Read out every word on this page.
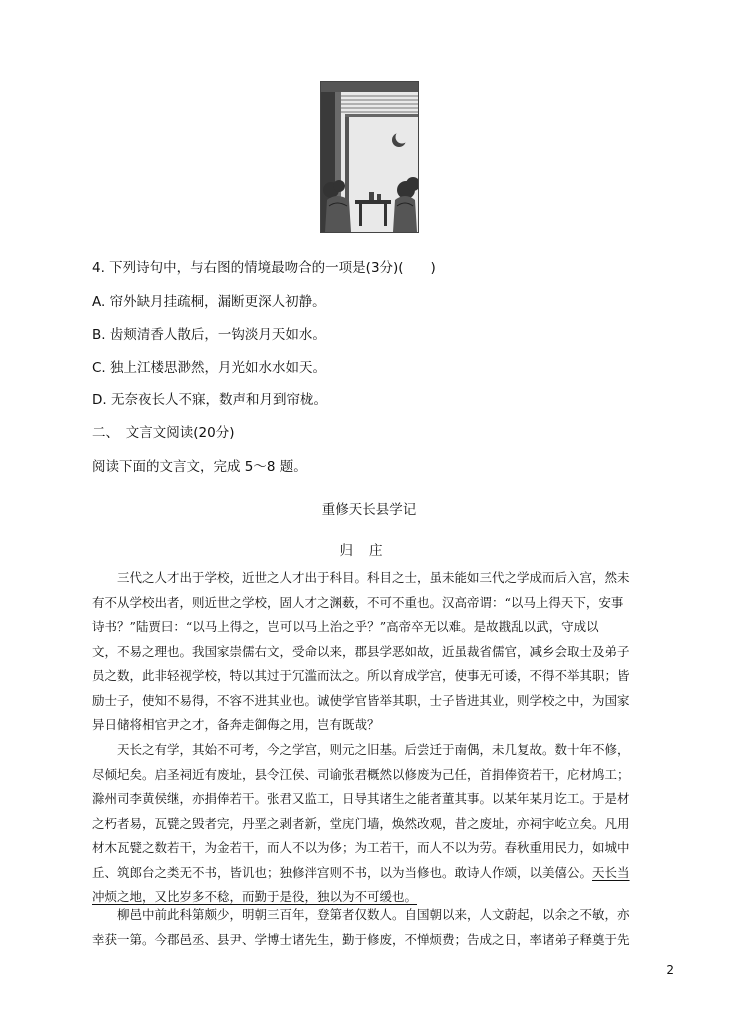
4. 下列诗句中，与右图的情境最吻合的一项是(3分)(　　)
A. 帘外缺月挂疏桐，漏断更深人初静。
B. 齿颊清香人散后，一钩淡月天如水。
C. 独上江楼思渺然，月光如水水如天。
D. 无奈夜长人不寐，数声和月到帘栊。
二、　文言文阅读(20分)
阅读下面的文言文，完成 5～8 题。
重修天长县学记
归庄
三代之人才出于学校，近世之人才出于科目。科目之士，虽未能如三代之学成而后入宫，然未
有不从学校出者，则近世之学校，固人才之渊薮，不可不重也。汉高帝谓：“以马上得天下，安事
诗书？”陆贾曰：“以马上得之，岂可以马上治之乎？”高帝卒无以难。是故戡乱以武，守成以
文，不易之理也。我国家崇儒右文，受命以来，郡县学恶如故，近虽裁省儒官，减乡会取士及弟子
员之数，此非轻视学校，特以其过于冗滥而汰之。所以育成学宫，使事无可诿，不得不举其职；皆
励士子，使知不易得，不容不进其业也。诚使学官皆举其职，士子皆进其业，则学校之中，为国家
异日储将相官尹之才，备奔走御侮之用，岂有既哉？
天长之有学，其始不可考，今之学宫，则元之旧基。后尝迁于南偶，未几复故。数十年不修，
尽倾圮矣。启圣祠近有废址，县令江侯、司谕张君概然以修废为己任，首捐俸资若干，庀材鸠工；
滁州司李黄侯继，亦捐俸若干。张君又监工，日导其诸生之能者董其事。以某年某月讫工。于是材
之朽者易，瓦甓之毁者完，丹垩之剥者新，堂庑门墙，焕然改观，昔之废址，亦祠宇屹立矣。凡用
材木瓦甓之数若干，为金若干，而人不以为侈；为工若干，而人不以为劳。春秋重用民力，如城中
丘、筑郎台之类无不书，皆讥也；独修泮宫则不书，以为当修也。敢诗人作颂，以美僖公。天长当
冲烦之地，又比岁多不稔，而勤于是役，独以为不可缓也。
柳邑中前此科第颇少，明朝三百年，登第者仅数人。自国朝以来，人文蔚起，以余之不敏，亦
幸获一第。今郡邑丞、县尹、学博士诸先生，勤于修废，不惮烦费；告成之日，率诸弟子释奠于先
2
